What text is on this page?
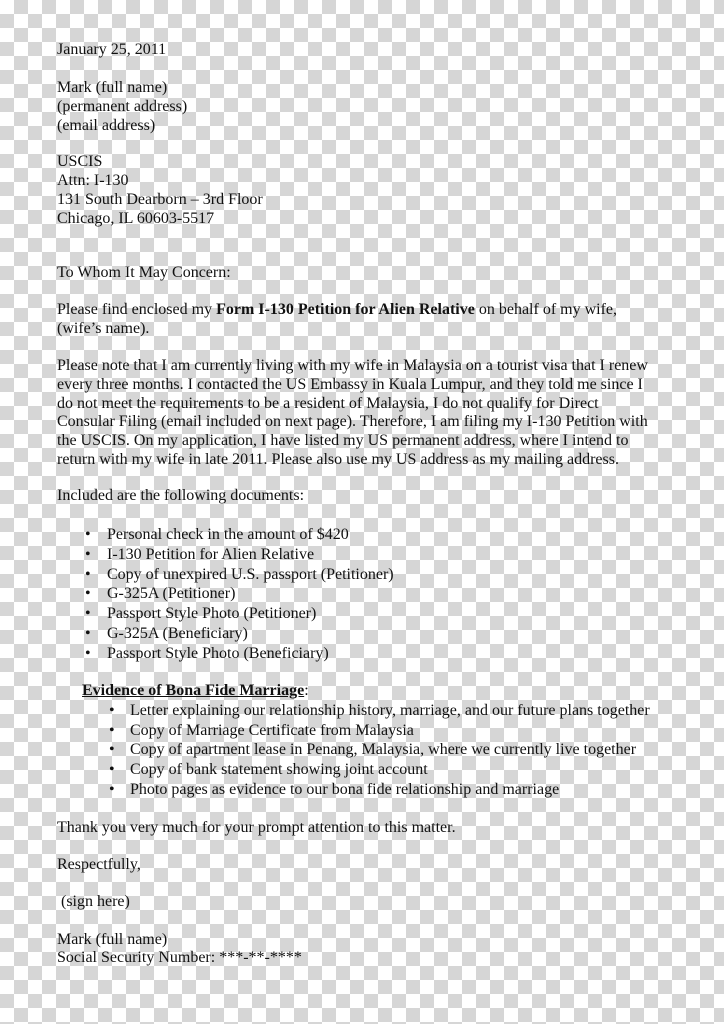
January 25, 2011
Mark (full name)
(permanent address)
(email address)
USCIS
Attn: I-130
131 South Dearborn – 3rd Floor
Chicago, IL 60603-5517
To Whom It May Concern:
Please find enclosed my Form I-130 Petition for Alien Relative on behalf of my wife,
(wife’s name).
Please note that I am currently living with my wife in Malaysia on a tourist visa that I renew
every three months. I contacted the US Embassy in Kuala Lumpur, and they told me since I
do not meet the requirements to be a resident of Malaysia, I do not qualify for Direct
Consular Filing (email included on next page). Therefore, I am filing my I-130 Petition with
the USCIS. On my application, I have listed my US permanent address, where I intend to
return with my wife in late 2011. Please also use my US address as my mailing address.
Included are the following documents:
• Personal check in the amount of $420
• I-130 Petition for Alien Relative
• Copy of unexpired U.S. passport (Petitioner)
• G-325A (Petitioner)
• Passport Style Photo (Petitioner)
• G-325A (Beneficiary)
• Passport Style Photo (Beneficiary)
Evidence of Bona Fide Marriage:
• Letter explaining our relationship history, marriage, and our future plans together
• Copy of Marriage Certificate from Malaysia
• Copy of apartment lease in Penang, Malaysia, where we currently live together
• Copy of bank statement showing joint account
• Photo pages as evidence to our bona fide relationship and marriage
Thank you very much for your prompt attention to this matter.
Respectfully,
(sign here)
Mark (full name)
Social Security Number: ***-**-****
